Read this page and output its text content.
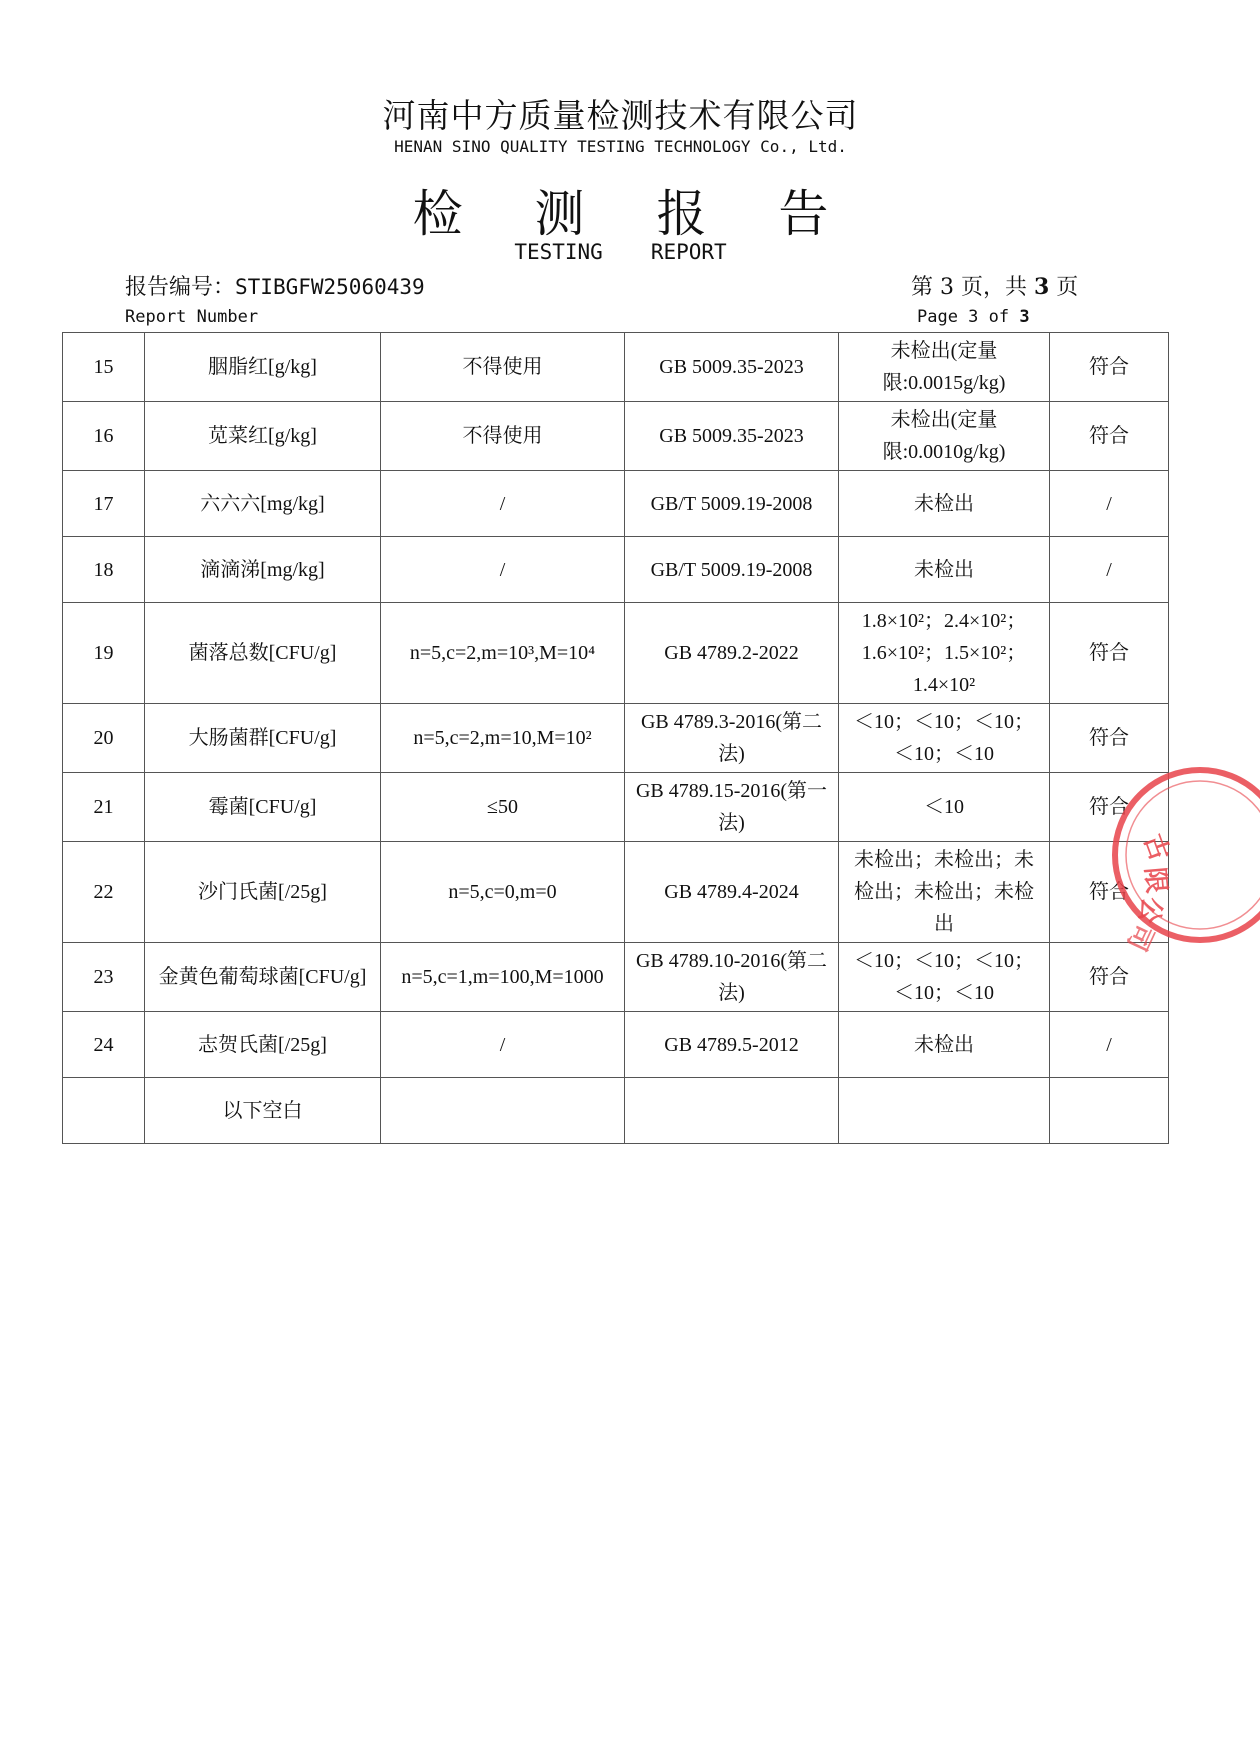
河南中方质量检测技术有限公司
HENAN SINO QUALITY TESTING TECHNOLOGY Co., Ltd.
检 测 报 告
TESTING REPORT
报告编号：STIBGFW25060439
Report Number
第 3 页，共 3 页
Page 3 of 3
15	胭脂红[g/kg]	不得使用	GB 5009.35-2023	未检出(定量限:0.0015g/kg)	符合
16	苋菜红[g/kg]	不得使用	GB 5009.35-2023	未检出(定量限:0.0010g/kg)	符合
17	六六六[mg/kg]	/	GB/T 5009.19-2008	未检出	/
18	滴滴涕[mg/kg]	/	GB/T 5009.19-2008	未检出	/
19	菌落总数[CFU/g]	n=5,c=2,m=10³,M=10⁴	GB 4789.2-2022	1.8×10²；2.4×10²；1.6×10²；1.5×10²；1.4×10²	符合
20	大肠菌群[CFU/g]	n=5,c=2,m=10,M=10²	GB 4789.3-2016(第二法)	＜10；＜10；＜10；＜10；＜10	符合
21	霉菌[CFU/g]	≤50	GB 4789.15-2016(第一法)	＜10	符合
22	沙门氏菌[/25g]	n=5,c=0,m=0	GB 4789.4-2024	未检出；未检出；未检出；未检出；未检出	符合
23	金黄色葡萄球菌[CFU/g]	n=5,c=1,m=100,M=1000	GB 4789.10-2016(第二法)	＜10；＜10；＜10；＜10；＜10	符合
24	志贺氏菌[/25g]	/	GB 4789.5-2012	未检出	/
	以下空白				
古
限
公
司
